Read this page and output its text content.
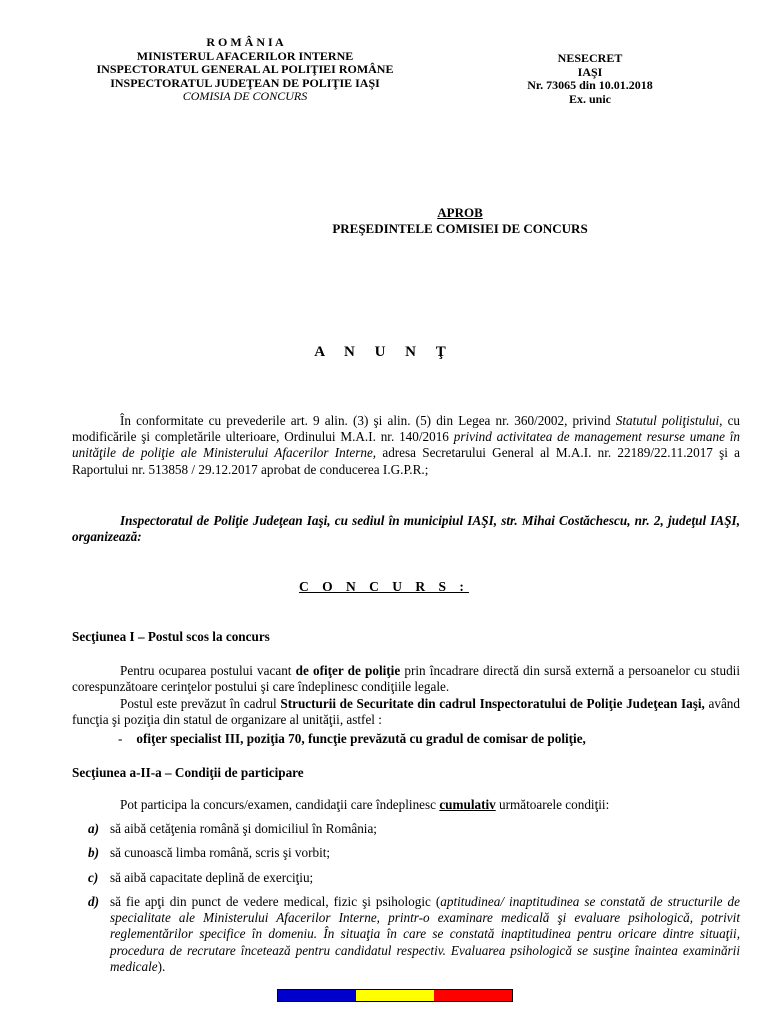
R O M Â N I A
MINISTERUL AFACERILOR INTERNE
INSPECTORATUL GENERAL AL POLIŢIEI ROMÂNE
INSPECTORATUL JUDEŢEAN DE POLIŢIE IAŞI
COMISIA DE CONCURS
NESECRET
IAŞI
Nr. 73065 din 10.01.2018
Ex. unic
APROB
PREŞEDINTELE COMISIEI DE CONCURS
A N U N Ţ
În conformitate cu prevederile art. 9 alin. (3) şi alin. (5) din Legea nr. 360/2002, privind Statutul poliţistului, cu modificările şi completările ulterioare, Ordinului M.A.I. nr. 140/2016 privind activitatea de management resurse umane în unităţile de poliţie ale Ministerului Afacerilor Interne, adresa Secretarului General al M.A.I. nr. 22189/22.11.2017 şi a Raportului nr. 513858 / 29.12.2017 aprobat de conducerea I.G.P.R.;
Inspectoratul de Poliţie Judeţean Iaşi, cu sediul în municipiul IAŞI, str. Mihai Costăchescu, nr. 2, judeţul IAŞI, organizează:
C O N C U R S :
Secţiunea I – Postul scos la concurs
Pentru ocuparea postului vacant de ofiţer de poliţie prin încadrare directă din sursă externă a persoanelor cu studii corespunzătoare cerinţelor postului şi care îndeplinesc condiţiile legale.
Postul este prevăzut în cadrul Structurii de Securitate din cadrul Inspectoratului de Poliţie Judeţean Iaşi, având funcţia şi poziţia din statul de organizare al unităţii, astfel :
- ofiţer specialist III, poziţia 70, funcţie prevăzută cu gradul de comisar de poliţie,
Secţiunea a-II-a – Condiţii de participare
Pot participa la concurs/examen, candidaţii care îndeplinesc cumulativ următoarele condiţii:
a) să aibă cetăţenia română şi domiciliul în România;
b) să cunoască limba română, scris şi vorbit;
c) să aibă capacitate deplină de exerciţiu;
d) să fie apţi din punct de vedere medical, fizic şi psihologic (aptitudinea/ inaptitudinea se constată de structurile de specialitate ale Ministerului Afacerilor Interne, printr-o examinare medicală şi evaluare psihologică, potrivit reglementărilor specifice în domeniu. În situaţia în care se constată inaptitudinea pentru oricare dintre situaţii, procedura de recrutare încetează pentru candidatul respectiv. Evaluarea psihologică se susţine înaintea examinării medicale).
